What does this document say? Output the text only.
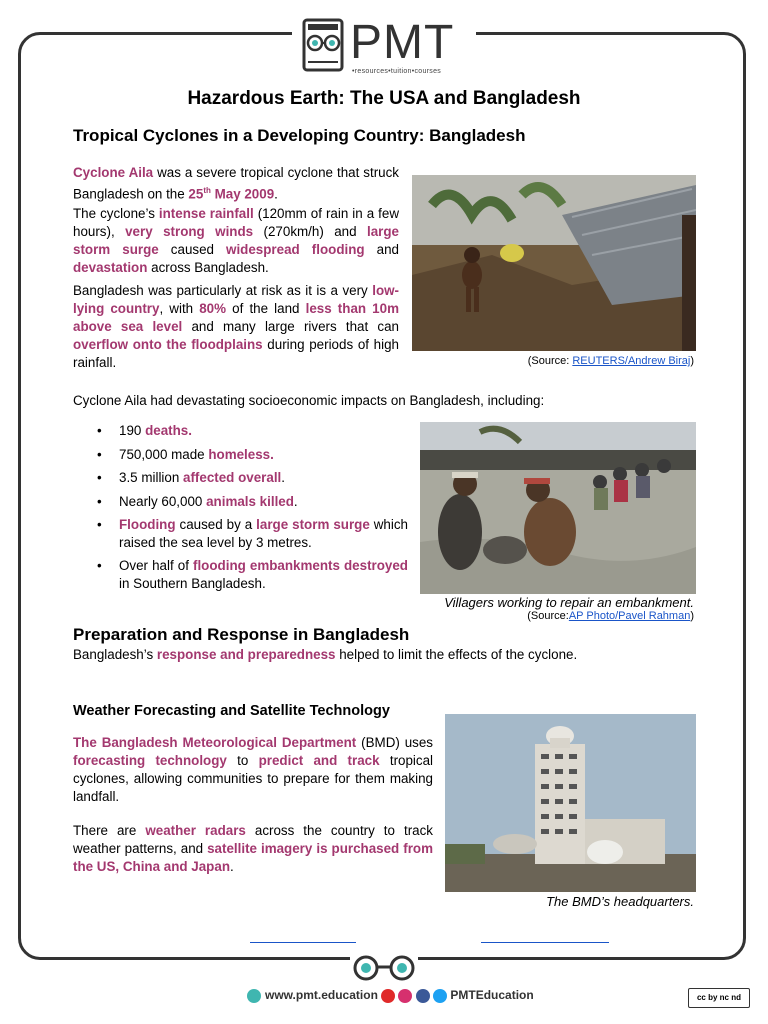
PMT
•resources•tuition•courses
Hazardous Earth: The USA and Bangladesh
Tropical Cyclones in a Developing Country: Bangladesh
Cyclone Aila was a severe tropical cyclone that struck Bangladesh on the 25th May 2009.
The cyclone’s intense rainfall (120mm of rain in a few hours), very strong winds (270km/h) and large storm surge caused widespread flooding and devastation across Bangladesh.
Bangladesh was particularly at risk as it is a very low-lying country, with 80% of the land less than 10m above sea level and many large rivers that can overflow onto the floodplains during periods of high rainfall.	(Source: REUTERS/Andrew Biraj)
Cyclone Aila had devastating socioeconomic impacts on Bangladesh, including:
• 190 deaths.
• 750,000 made homeless.
• 3.5 million affected overall.
• Nearly 60,000 animals killed.
• Flooding caused by a large storm surge which raised the sea level by 3 metres.
• Over half of flooding embankments destroyed in Southern Bangladesh.
Villagers working to repair an embankment.
(Source:AP Photo/Pavel Rahman)
Preparation and Response in Bangladesh
Bangladesh’s response and preparedness helped to limit the effects of the cyclone.
Weather Forecasting and Satellite Technology
The Bangladesh Meteorological Department (BMD) uses forecasting technology to predict and track tropical cyclones, allowing communities to prepare for them making landfall.
There are weather radars across the country to track weather patterns, and satellite imagery is purchased from the US, China and Japan.
The BMD’s headquarters.
www.pmt.education	PMTEducation	cc by nc nd
